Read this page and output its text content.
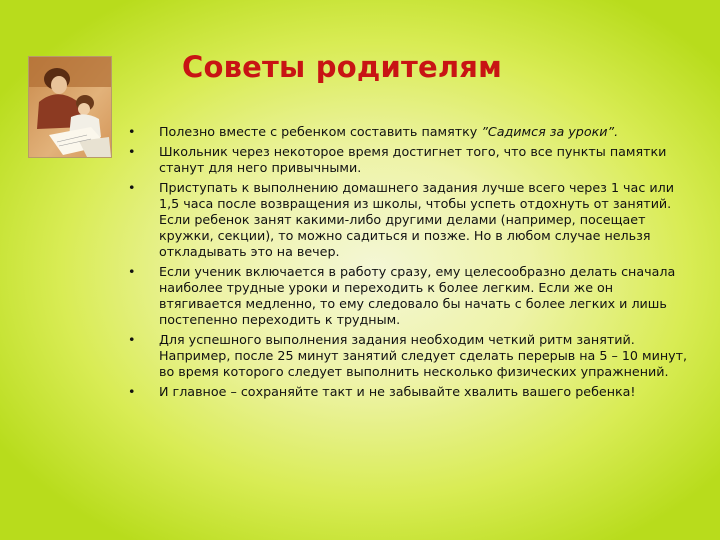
Советы родителям
• Полезно вместе с ребенком составить памятку ”Садимся за уроки”.
• Школьник через некоторое время достигнет того, что все пункты памятки станут для него привычными.
• Приступать к выполнению домашнего задания лучше всего через 1 час или 1,5 часа после возвращения из школы, чтобы успеть отдохнуть от занятий. Если ребенок занят какими-либо другими делами (например, посещает кружки, секции), то можно садиться и позже. Но в любом случае нельзя откладывать это на вечер.
• Если ученик включается в работу сразу, ему целесообразно делать сначала наиболее трудные уроки и переходить к более легким. Если же он втягивается медленно, то ему следовало бы начать с более легких и лишь постепенно переходить к трудным.
• Для успешного выполнения задания необходим четкий ритм занятий. Например, после 25 минут занятий следует сделать перерыв на 5 – 10 минут, во время которого следует выполнить несколько физических упражнений.
• И главное – сохраняйте такт и не забывайте хвалить вашего ребенка!
